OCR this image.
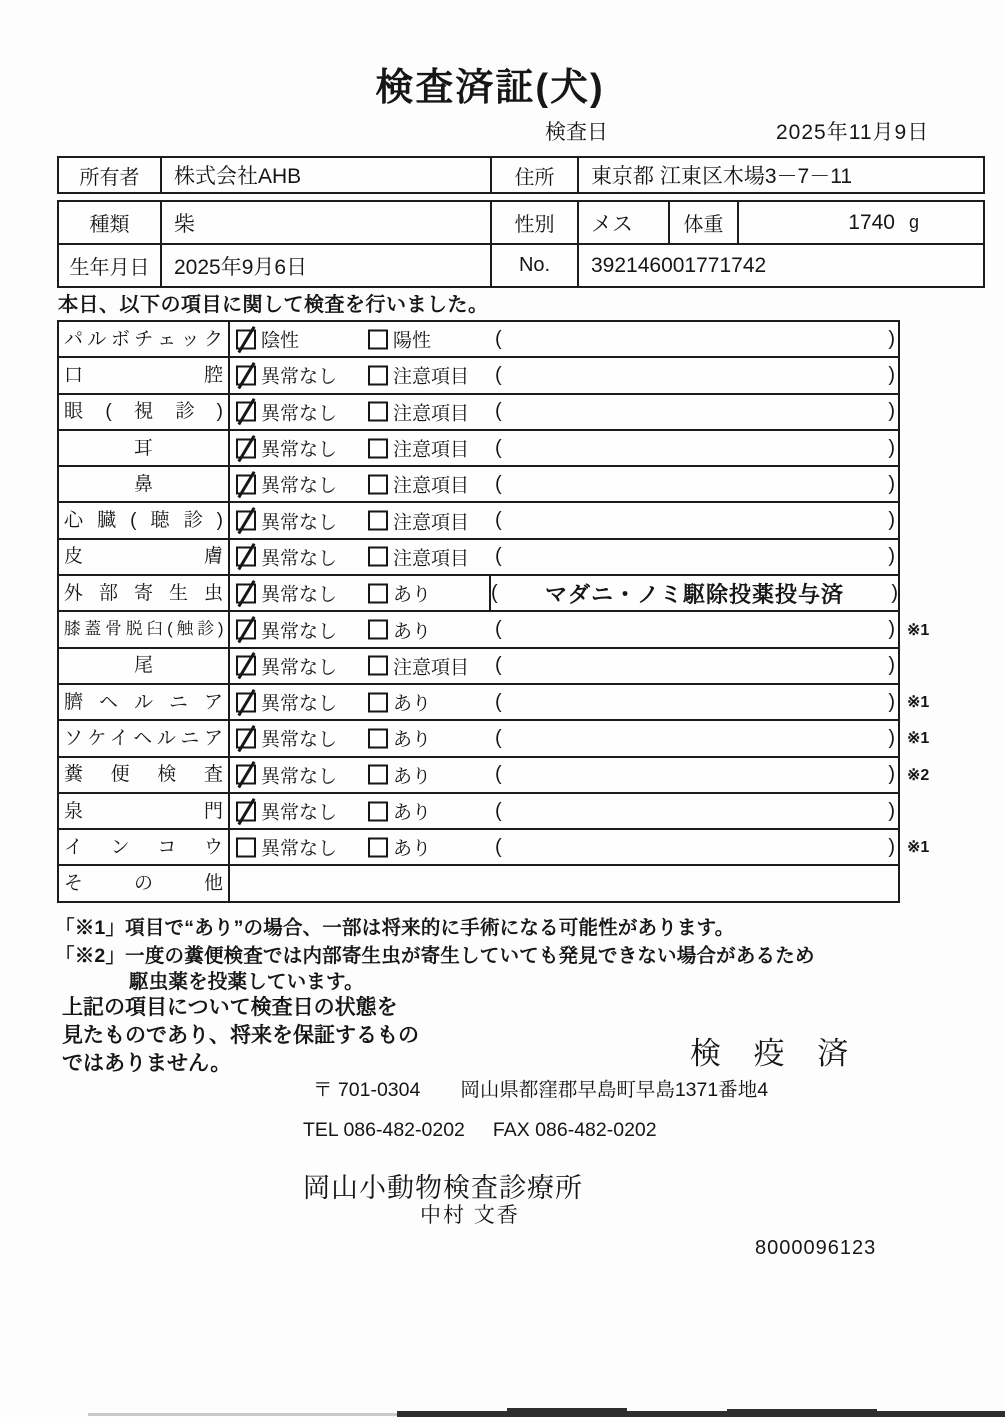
検査済証(犬)
検査日	2025年11月9日
所有者	株式会社AHB	住所	東京都 江東区木場3－7－11
種類	柴	性別	メス	体重	1740 g
生年月日	2025年9月6日	No.	392146001771742
本日、以下の項目に関して検査を行いました。
パルボチェック 陰性	陽性	(	)
口腔 異常なし	注意項目 (	)
眼(視診) 異常なし	注意項目 (	)
耳	異常なし	注意項目 (	)
鼻	異常なし	注意項目 (	)
心臓(聴診) 異常なし	注意項目 (	)
皮膚 異常なし	注意項目 (	)
外部寄生虫 異常なし	あり	(	マダニ・ノミ駆除投薬投与済	)
膝蓋骨脱臼(触診) 異常なし	あり	(	) ※1
尾	異常なし	注意項目 (	)
臍ヘルニア 異常なし	あり	(	) ※1
ソケイヘルニア 異常なし	あり	(	) ※1
糞便検査 異常なし	あり	(	) ※2
泉門 異常なし	あり	(	)
インコウ 異常なし	あり	(	) ※1
その他
「※1」項目で“あり”の場合、一部は将来的に手術になる可能性があります。
「※2」一度の糞便検査では内部寄生虫が寄生していても発見できない場合があるため
駆虫薬を投薬しています。
上記の項目について検査日の状態を
見たものであり、将来を保証するもの
ではありません。	検 疫 済
〒 701-0304 岡山県都窪郡早島町早島1371番地4
TEL 086-482-0202 FAX 086-482-0202
岡山小動物検査診療所
中村 文香
8000096123
